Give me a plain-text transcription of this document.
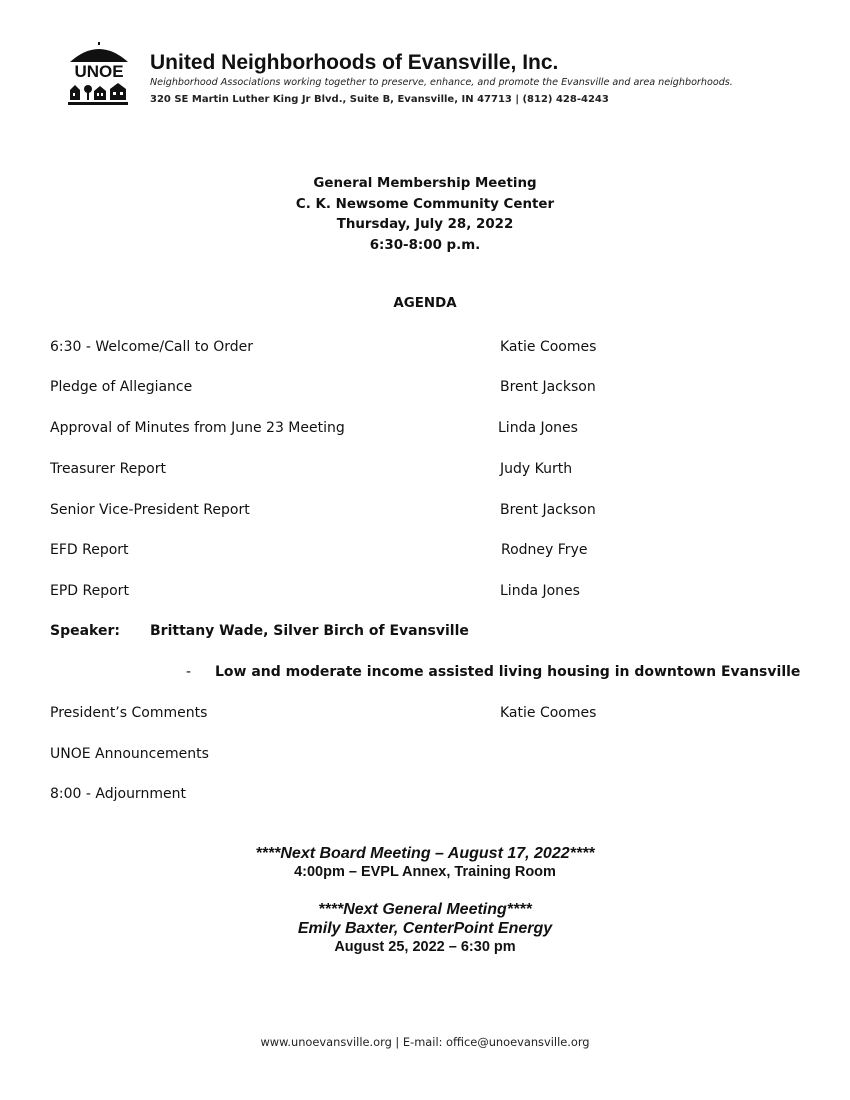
UNOE United Neighborhoods of Evansville, Inc.
Neighborhood Associations working together to preserve, enhance, and promote the Evansville and area neighborhoods.
320 SE Martin Luther King Jr Blvd., Suite B, Evansville, IN 47713 | (812) 428-4243
General Membership Meeting
C. K. Newsome Community Center
Thursday, July 28, 2022
6:30-8:00 p.m.
AGENDA
6:30 - Welcome/Call to Order	Katie Coomes
Pledge of Allegiance	Brent Jackson
Approval of Minutes from June 23 Meeting	Linda Jones
Treasurer Report	Judy Kurth
Senior Vice-President Report	Brent Jackson
EFD Report	Rodney Frye
EPD Report	Linda Jones
Speaker: Brittany Wade, Silver Birch of Evansville
- Low and moderate income assisted living housing in downtown Evansville
President’s Comments	Katie Coomes
UNOE Announcements
8:00 - Adjournment
****Next Board Meeting – August 17, 2022****
4:00pm – EVPL Annex, Training Room
****Next General Meeting****
Emily Baxter, CenterPoint Energy
August 25, 2022 – 6:30 pm
www.unoevansville.org | E-mail: office@unoevansville.org
